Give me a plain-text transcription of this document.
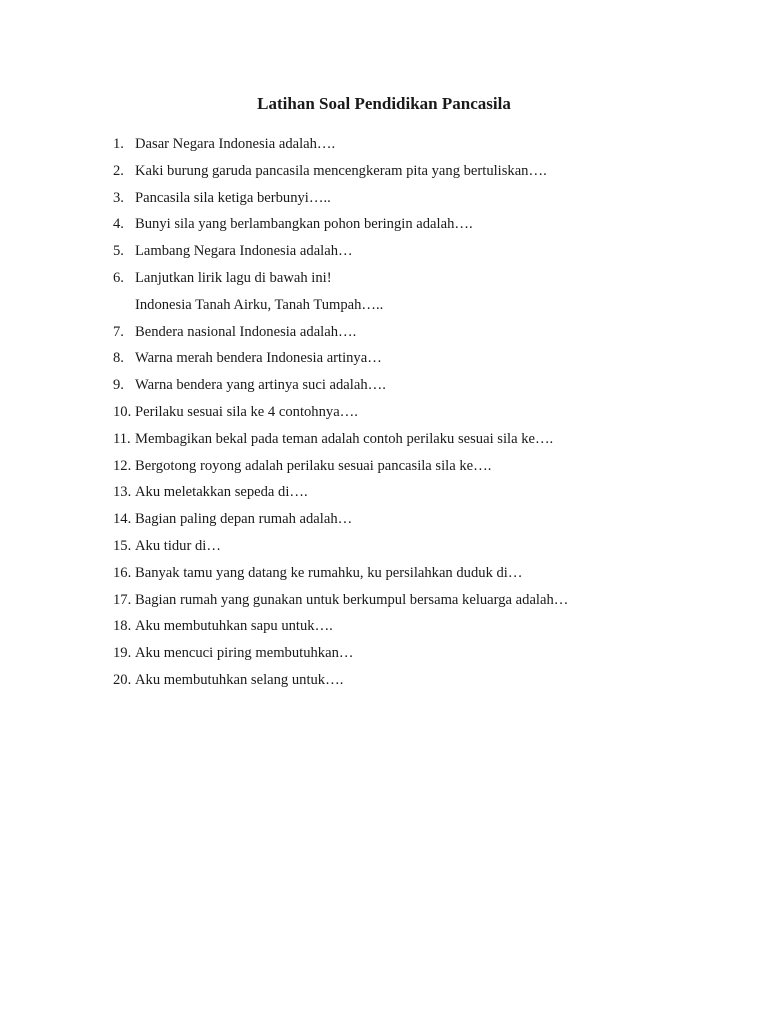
Latihan Soal Pendidikan Pancasila
1. Dasar Negara Indonesia adalah….
2. Kaki burung garuda pancasila mencengkeram pita yang bertuliskan….
3. Pancasila sila ketiga berbunyi…..
4. Bunyi sila yang berlambangkan pohon beringin adalah….
5. Lambang Negara Indonesia adalah…
6. Lanjutkan lirik lagu di bawah ini!
Indonesia Tanah Airku, Tanah Tumpah…..
7. Bendera nasional Indonesia adalah….
8. Warna merah bendera Indonesia artinya…
9. Warna bendera yang artinya suci adalah….
10. Perilaku sesuai sila ke 4 contohnya….
11. Membagikan bekal pada teman adalah contoh perilaku sesuai sila ke….
12. Bergotong royong adalah perilaku sesuai pancasila sila ke….
13. Aku meletakkan sepeda di….
14. Bagian paling depan rumah adalah…
15. Aku tidur di…
16. Banyak tamu yang datang ke rumahku, ku persilahkan duduk di…
17. Bagian rumah yang gunakan untuk berkumpul bersama keluarga adalah…
18. Aku membutuhkan sapu untuk….
19. Aku mencuci piring membutuhkan…
20. Aku membutuhkan selang untuk….
